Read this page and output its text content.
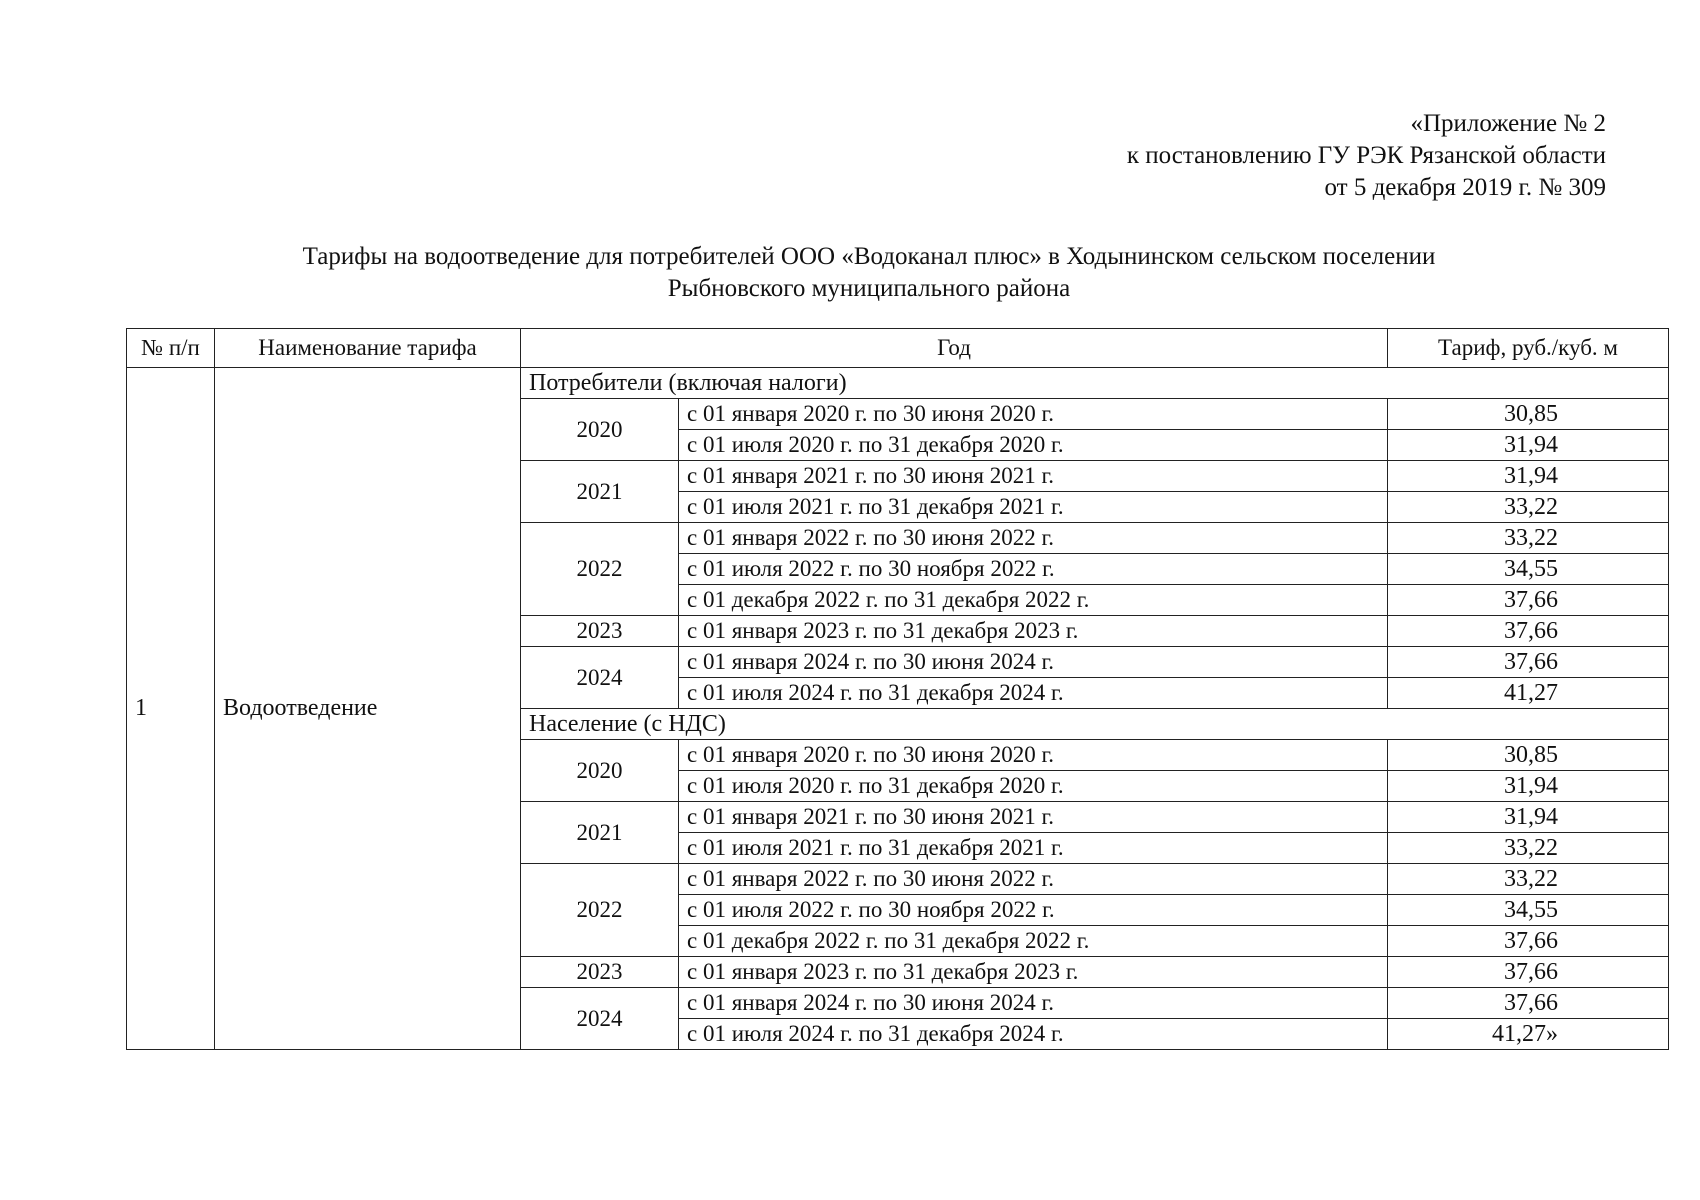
«Приложение № 2
к постановлению ГУ РЭК Рязанской области
от 5 декабря 2019 г. № 309
Тарифы на водоотведение для потребителей ООО «Водоканал плюс» в Ходынинском сельском поселении
Рыбновского муниципального района
№ п/п	Наименование тарифа	Год		Тариф, руб./куб. м
1	Водоотведение	Потребители (включая налоги)		
		2020	с 01 января 2020 г. по 30 июня 2020 г.	30,85
			с 01 июля 2020 г. по 31 декабря 2020 г.	31,94
		2021	с 01 января 2021 г. по 30 июня 2021 г.	31,94
			с 01 июля 2021 г. по 31 декабря 2021 г.	33,22
		2022	с 01 января 2022 г. по 30 июня 2022 г.	33,22
			с 01 июля 2022 г. по 30 ноября 2022 г.	34,55
			с 01 декабря 2022 г. по 31 декабря 2022 г.	37,66
		2023	с 01 января 2023 г. по 31 декабря 2023 г.	37,66
		2024	с 01 января 2024 г. по 30 июня 2024 г.	37,66
			с 01 июля 2024 г. по 31 декабря 2024 г.	41,27
		Население (с НДС)		
		2020	с 01 января 2020 г. по 30 июня 2020 г.	30,85
			с 01 июля 2020 г. по 31 декабря 2020 г.	31,94
		2021	с 01 января 2021 г. по 30 июня 2021 г.	31,94
			с 01 июля 2021 г. по 31 декабря 2021 г.	33,22
		2022	с 01 января 2022 г. по 30 июня 2022 г.	33,22
			с 01 июля 2022 г. по 30 ноября 2022 г.	34,55
			с 01 декабря 2022 г. по 31 декабря 2022 г.	37,66
		2023	с 01 января 2023 г. по 31 декабря 2023 г.	37,66
		2024	с 01 января 2024 г. по 30 июня 2024 г.	37,66
			с 01 июля 2024 г. по 31 декабря 2024 г.	41,27»
